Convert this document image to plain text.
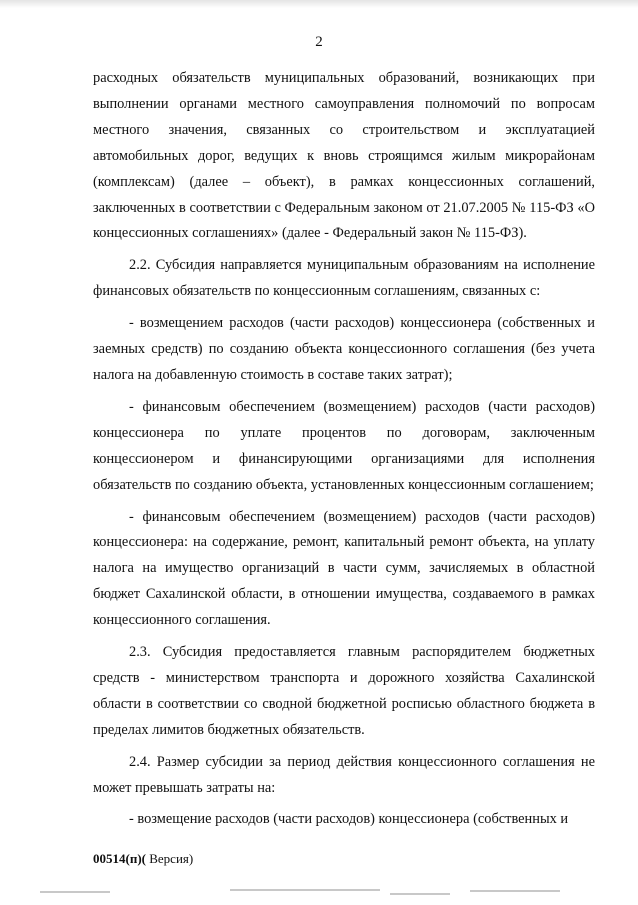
2

расходных обязательств муниципальных образований, возникающих при выполнении органами местного самоуправления полномочий по вопросам местного значения, связанных со строительством и эксплуатацией автомобильных дорог, ведущих к вновь строящимся жилым микрорайонам (комплексам) (далее – объект), в рамках концессионных соглашений, заключенных в соответствии с Федеральным законом от 21.07.2005 № 115-ФЗ «О концессионных соглашениях» (далее - Федеральный закон № 115-ФЗ).

2.2. Субсидия направляется муниципальным образованиям на исполнение финансовых обязательств по концессионным соглашениям, связанных с:

- возмещением расходов (части расходов) концессионера (собственных и заемных средств) по созданию объекта концессионного соглашения (без учета налога на добавленную стоимость в составе таких затрат);

- финансовым обеспечением (возмещением) расходов (части расходов) концессионера по уплате процентов по договорам, заключенным концессионером и финансирующими организациями для исполнения обязательств по созданию объекта, установленных концессионным соглашением;

- финансовым обеспечением (возмещением) расходов (части расходов) концессионера: на содержание, ремонт, капитальный ремонт объекта, на уплату налога на имущество организаций в части сумм, зачисляемых в областной бюджет Сахалинской области, в отношении имущества, создаваемого в рамках концессионного соглашения.

2.3. Субсидия предоставляется главным распорядителем бюджетных средств - министерством транспорта и дорожного хозяйства Сахалинской области в соответствии со сводной бюджетной росписью областного бюджета в пределах лимитов бюджетных обязательств.

2.4. Размер субсидии за период действия концессионного соглашения не может превышать затраты на:

- возмещение расходов (части расходов) концессионера (собственных и

00514(п)( Версия)
